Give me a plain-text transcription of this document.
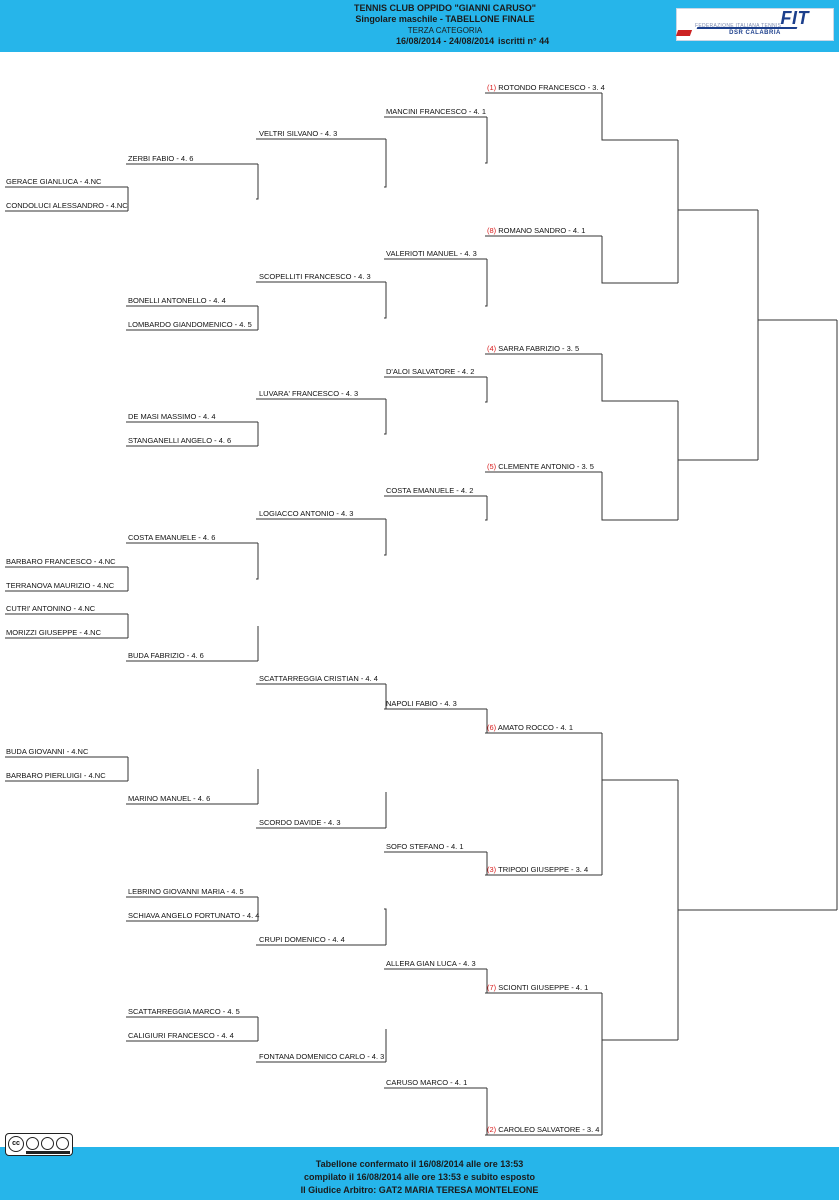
TENNIS CLUB OPPIDO "GIANNI CARUSO"
Singolare maschile - TABELLONE FINALE
TERZA CATEGORIA
16/08/2014 - 24/08/2014 iscritti n° 44
FIT
FEDERAZIONE ITALIANA TENNIS
DSR CALABRIA
GERACE GIANLUCA - 4.NC
CONDOLUCI ALESSANDRO - 4.NC
BARBARO FRANCESCO - 4.NC
TERRANOVA MAURIZIO - 4.NC
CUTRI' ANTONINO - 4.NC
MORIZZI GIUSEPPE - 4.NC
BUDA GIOVANNI - 4.NC
BARBARO PIERLUIGI - 4.NC
ZERBI FABIO - 4. 6
BONELLI ANTONELLO - 4. 4
LOMBARDO GIANDOMENICO - 4. 5
DE MASI MASSIMO - 4. 4
STANGANELLI ANGELO - 4. 6
COSTA EMANUELE - 4. 6
BUDA FABRIZIO - 4. 6
MARINO MANUEL - 4. 6
LEBRINO GIOVANNI MARIA - 4. 5
SCHIAVA ANGELO FORTUNATO - 4. 4
SCATTARREGGIA MARCO - 4. 5
CALIGIURI FRANCESCO - 4. 4
VELTRI SILVANO - 4. 3
SCOPELLITI FRANCESCO - 4. 3
LUVARA' FRANCESCO - 4. 3
LOGIACCO ANTONIO - 4. 3
SCATTARREGGIA CRISTIAN - 4. 4
SCORDO DAVIDE - 4. 3
CRUPI DOMENICO - 4. 4
FONTANA DOMENICO CARLO - 4. 3
MANCINI FRANCESCO - 4. 1
VALERIOTI MANUEL - 4. 3
D'ALOI SALVATORE - 4. 2
COSTA EMANUELE - 4. 2
NAPOLI FABIO - 4. 3
SOFO STEFANO - 4. 1
ALLERA GIAN LUCA - 4. 3
CARUSO MARCO - 4. 1
(1) ROTONDO FRANCESCO - 3. 4
(8) ROMANO SANDRO - 4. 1
(4) SARRA FABRIZIO - 3. 5
(5) CLEMENTE ANTONIO - 3. 5
(6) AMATO ROCCO - 4. 1
(3) TRIPODI GIUSEPPE - 3. 4
(7) SCIONTI GIUSEPPE - 4. 1
(2) CAROLEO SALVATORE - 3. 4
Tabellone confermato il 16/08/2014 alle ore 13:53
compilato il 16/08/2014 alle ore 13:53 e subito esposto
Il Giudice Arbitro: GAT2 MARIA TERESA MONTELEONE
cc
